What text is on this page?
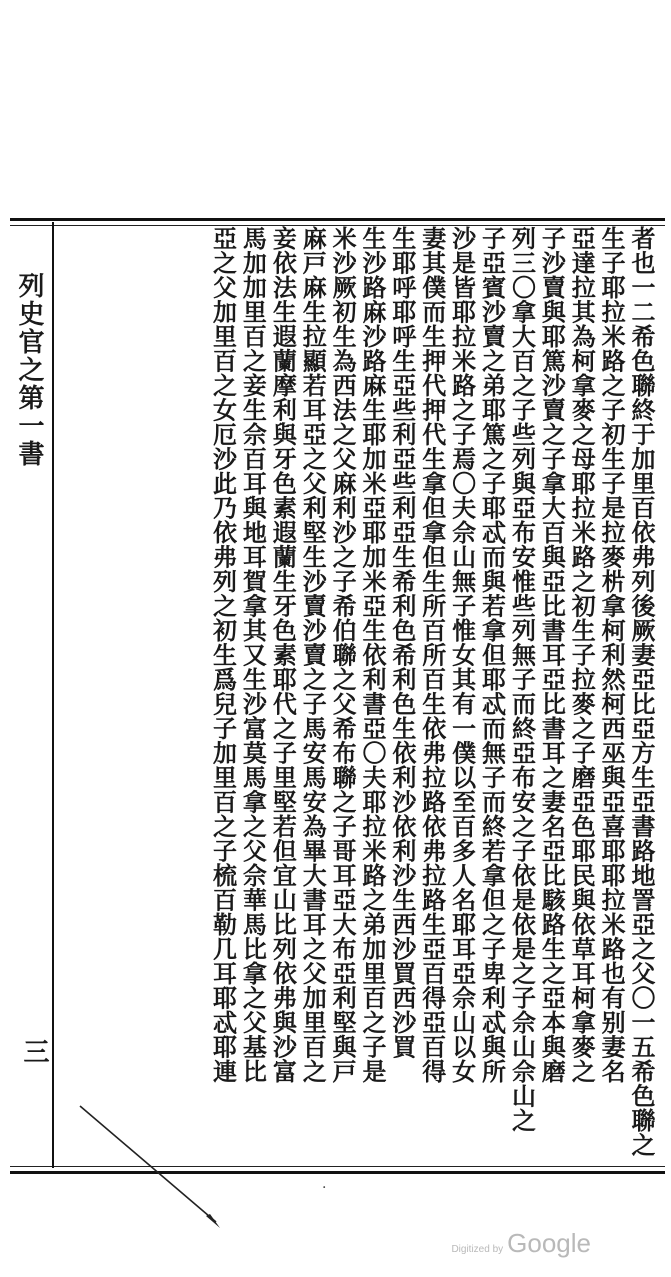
列史官之第一書
者也一二希色聯終于加里百依弗列後厥妻亞比亞方生亞書路地詈亞之父〇一五希色聯之
生子耶拉米路之子初生子是拉麥㭊拿柯利然柯西巫與亞喜耶耶拉米路也有别妻名
亞達拉其為柯拿麥之母耶拉米路之初生子拉麥之子磨亞色耶民與依草耳柯拿麥之
子沙賣與耶篤沙賣之子拿大百與亞比書耳亞比書耳之妻名亞比駭路生之亞本與磨
列三〇拿大百之子些列與亞布安惟些列無子而終亞布安之子依是依是之子佘山佘山之
子亞賓沙賣之弟耶篤之子耶忒而與若拿但耶忒而無子而終若拿但之子卑利忒與所
沙是皆耶拉米路之子焉〇夫佘山無子惟女其有一僕以至百多人名耶耳亞佘山以女
妻其僕而生押代押代生拿但拿但生所百所百生依弗拉路依弗拉路生亞百得亞百得
生耶呼耶呼生亞些利亞些利亞生希利色希利色生依利沙依利沙生西沙買西沙買
生沙路麻沙路麻生耶加米亞耶加米亞生依利書亞〇夫耶拉米路之弟加里百之子是
米沙厥初生為西法之父麻利沙之子希伯聯之父希布聯之子哥耳亞大布亞利堅與戸
麻戸麻生拉顯若耳亞之父利堅生沙賣沙賣之子馬安馬安為畢大書耳之父加里百之
妾依法生遐蘭摩利與牙色素遐蘭生牙色素耶代之子里堅若但宜山比列依弗與沙富
馬加加里百之妾生佘百耳與地耳賀拿其又生沙富莫馬拿之父佘華馬比拿之父基比
亞之父加里百之女厄沙此乃依弗列之初生爲兒子加里百之子梳百勒几耳耶忒耶連
三
·
Digitized by Google
